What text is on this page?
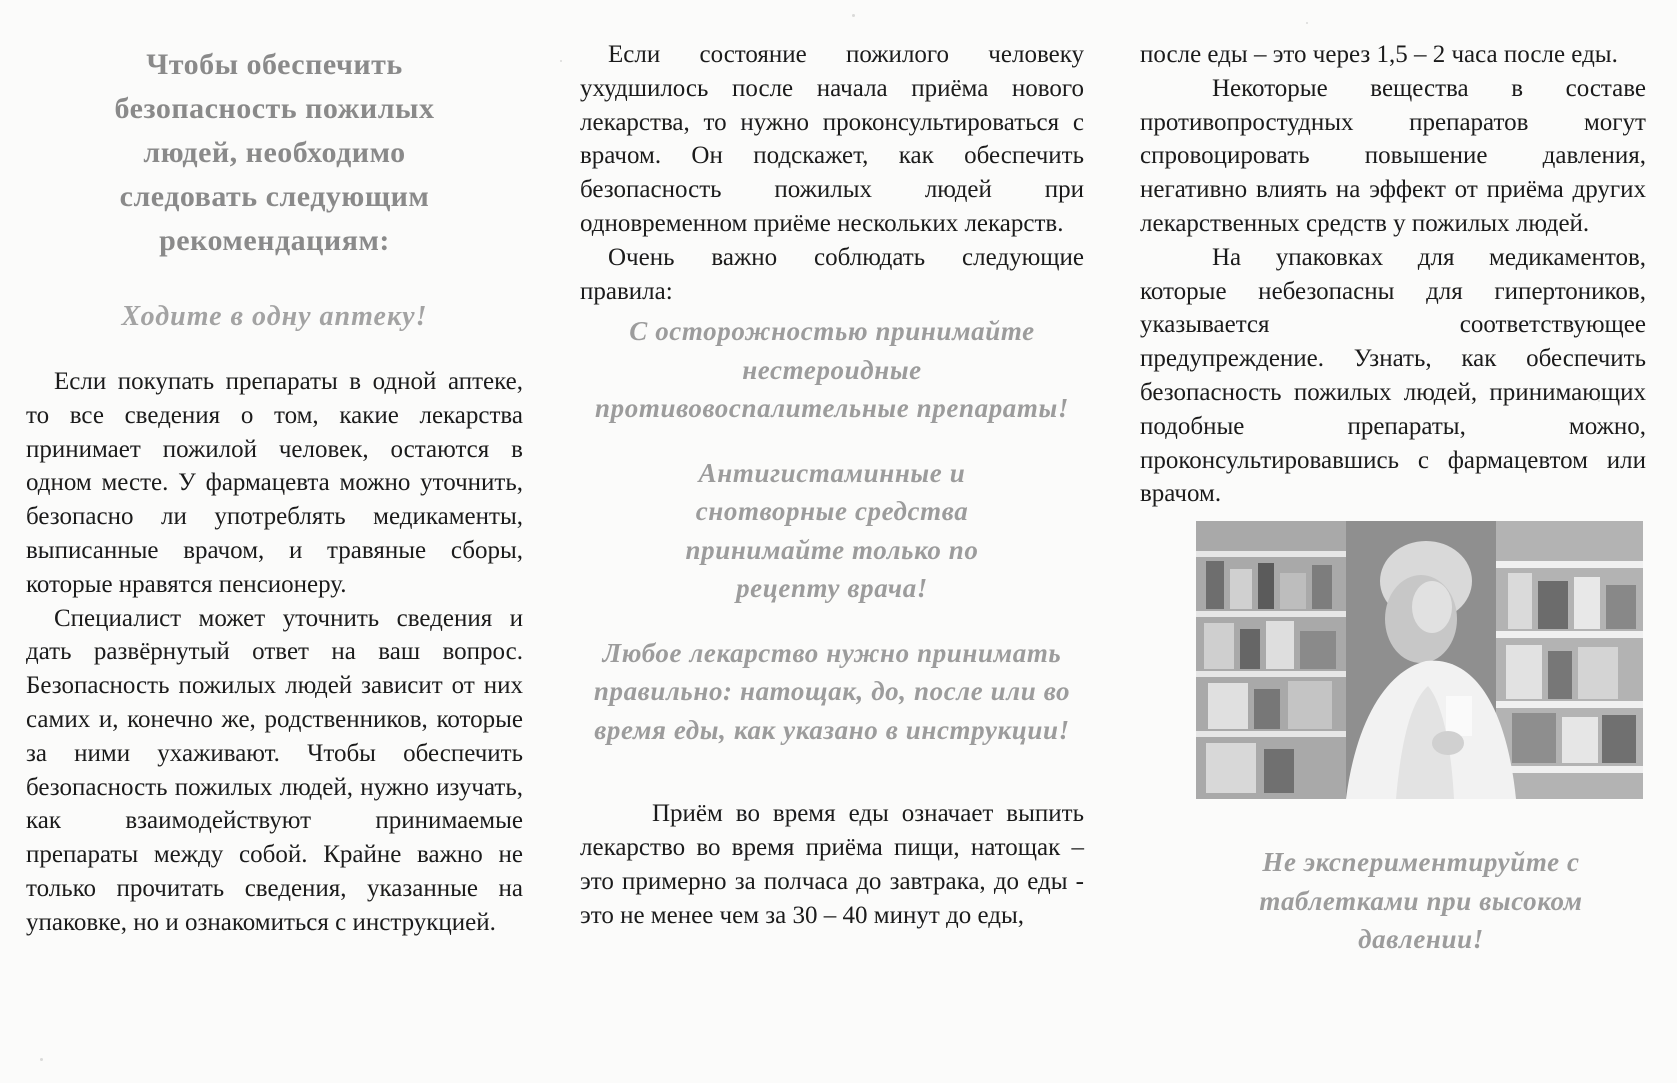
Чтобы обеспечить безопасность пожилых людей, необходимо следовать следующим рекомендациям:
Ходите в одну аптеку!

Если покупать препараты в одной аптеке, то все сведения о том, какие лекарства принимает пожилой человек, остаются в одном месте. У фармацевта можно уточнить, безопасно ли употреблять медикаменты, выписанные врачом, и травяные сборы, которые нравятся пенсионеру.

Специалист может уточнить сведения и дать развёрнутый ответ на ваш вопрос. Безопасность пожилых людей зависит от них самих и, конечно же, родственников, которые за ними ухаживают. Чтобы обеспечить безопасность пожилых людей, нужно изучать, как взаимодействуют принимаемые препараты между собой. Крайне важно не только прочитать сведения, указанные на упаковке, но и ознакомиться с инструкцией.

Если состояние пожилого человеку ухудшилось после начала приёма нового лекарства, то нужно проконсультироваться с врачом. Он подскажет, как обеспечить безопасность пожилых людей при одновременном приёме нескольких лекарств.

Очень важно соблюдать следующие правила:

С осторожностью принимайте нестероидные противовоспалительные препараты!

Антигистаминные и снотворные средства принимайте только по рецепту врача!

Любое лекарство нужно принимать правильно: натощак, до, после или во время еды, как указано в инструкции!

Приём во время еды означает выпить лекарство во время приёма пищи, натощак – это примерно за полчаса до завтрака, до еды - это не менее чем за 30 – 40 минут до еды,

после еды – это через 1,5 – 2 часа после еды.

Некоторые вещества в составе противопростудных препаратов могут спровоцировать повышение давления, негативно влиять на эффект от приёма других лекарственных средств у пожилых людей.

На упаковках для медикаментов, которые небезопасны для гипертоников, указывается соответствующее предупреждение. Узнать, как обеспечить безопасность пожилых людей, принимающих подобные препараты, можно, проконсультировавшись с фармацевтом или врачом.

Не экспериментируйте с таблетками при высоком давлении!
